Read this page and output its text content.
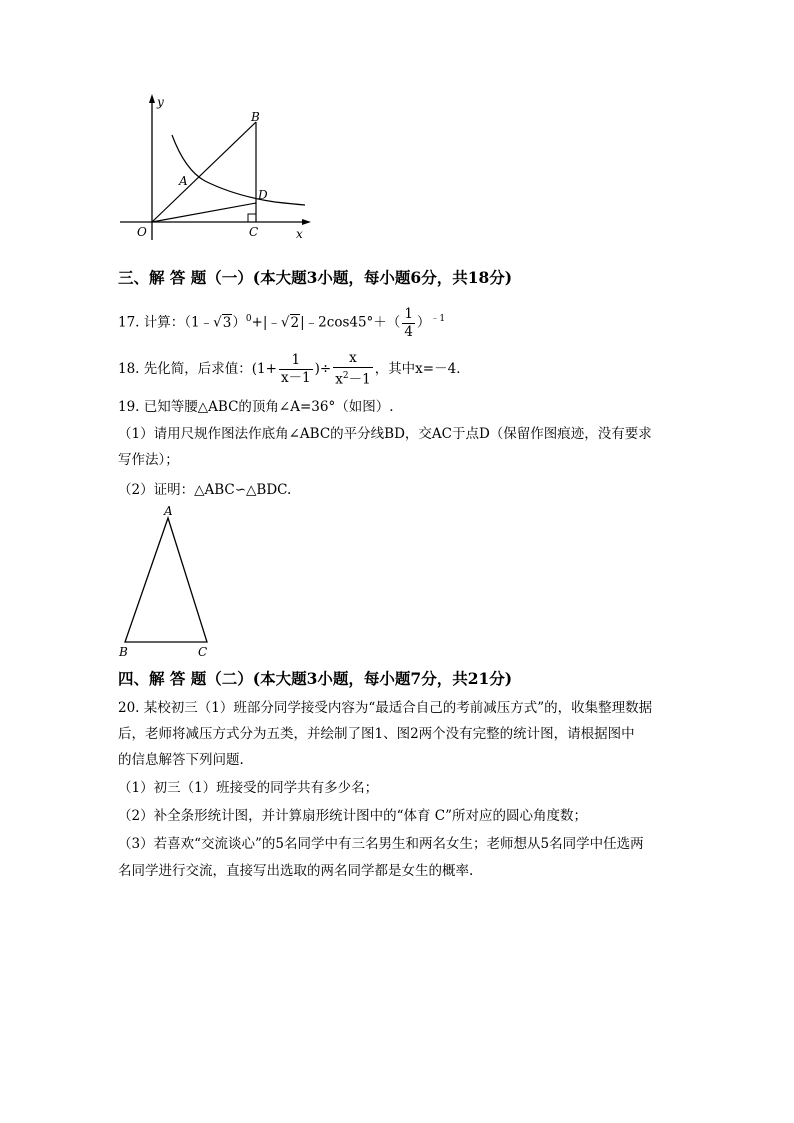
y
B
A
D
O	C	x
三、解 答 题（一）(本大题3小题，每小题6分，共18分)
17. 计算：（1﹣√3）$^0$+|﹣√2|﹣2cos45°＋（ $\frac{1}{4} )^{﹣1}$
18. 先化简，后求值：($1+ \frac{1}{x-1}$ )÷ $\frac{x}{x^2-1}$ ，其中x=－4．
19. 已知等腰△ABC的顶角∠A=36°（如图）.
（1）请用尺规作图法作底角∠ABC的平分线BD，交AC于点D（保留作图痕迹，没有要求
写作法）；
（2）证明：△ABC∽△BDC.
A
B	C
四、解 答 题（二）(本大题3小题，每小题7分，共21分)
20. 某校初三（1）班部分同学接受内容为“最适合自己的考前减压方式”的，收集整理数据
后，老师将减压方式分为五类，并绘制了图1、图2两个没有完整的统计图，请根据图中
的信息解答下列问题.
（1）初三（1）班接受的同学共有多少名；
（2）补全条形统计图，并计算扇形统计图中的“体育 C”所对应的圆心角度数；
（3）若喜欢“交流谈心”的5名同学中有三名男生和两名女生；老师想从5名同学中任选两
名同学进行交流，直接写出选取的两名同学都是女生的概率.
